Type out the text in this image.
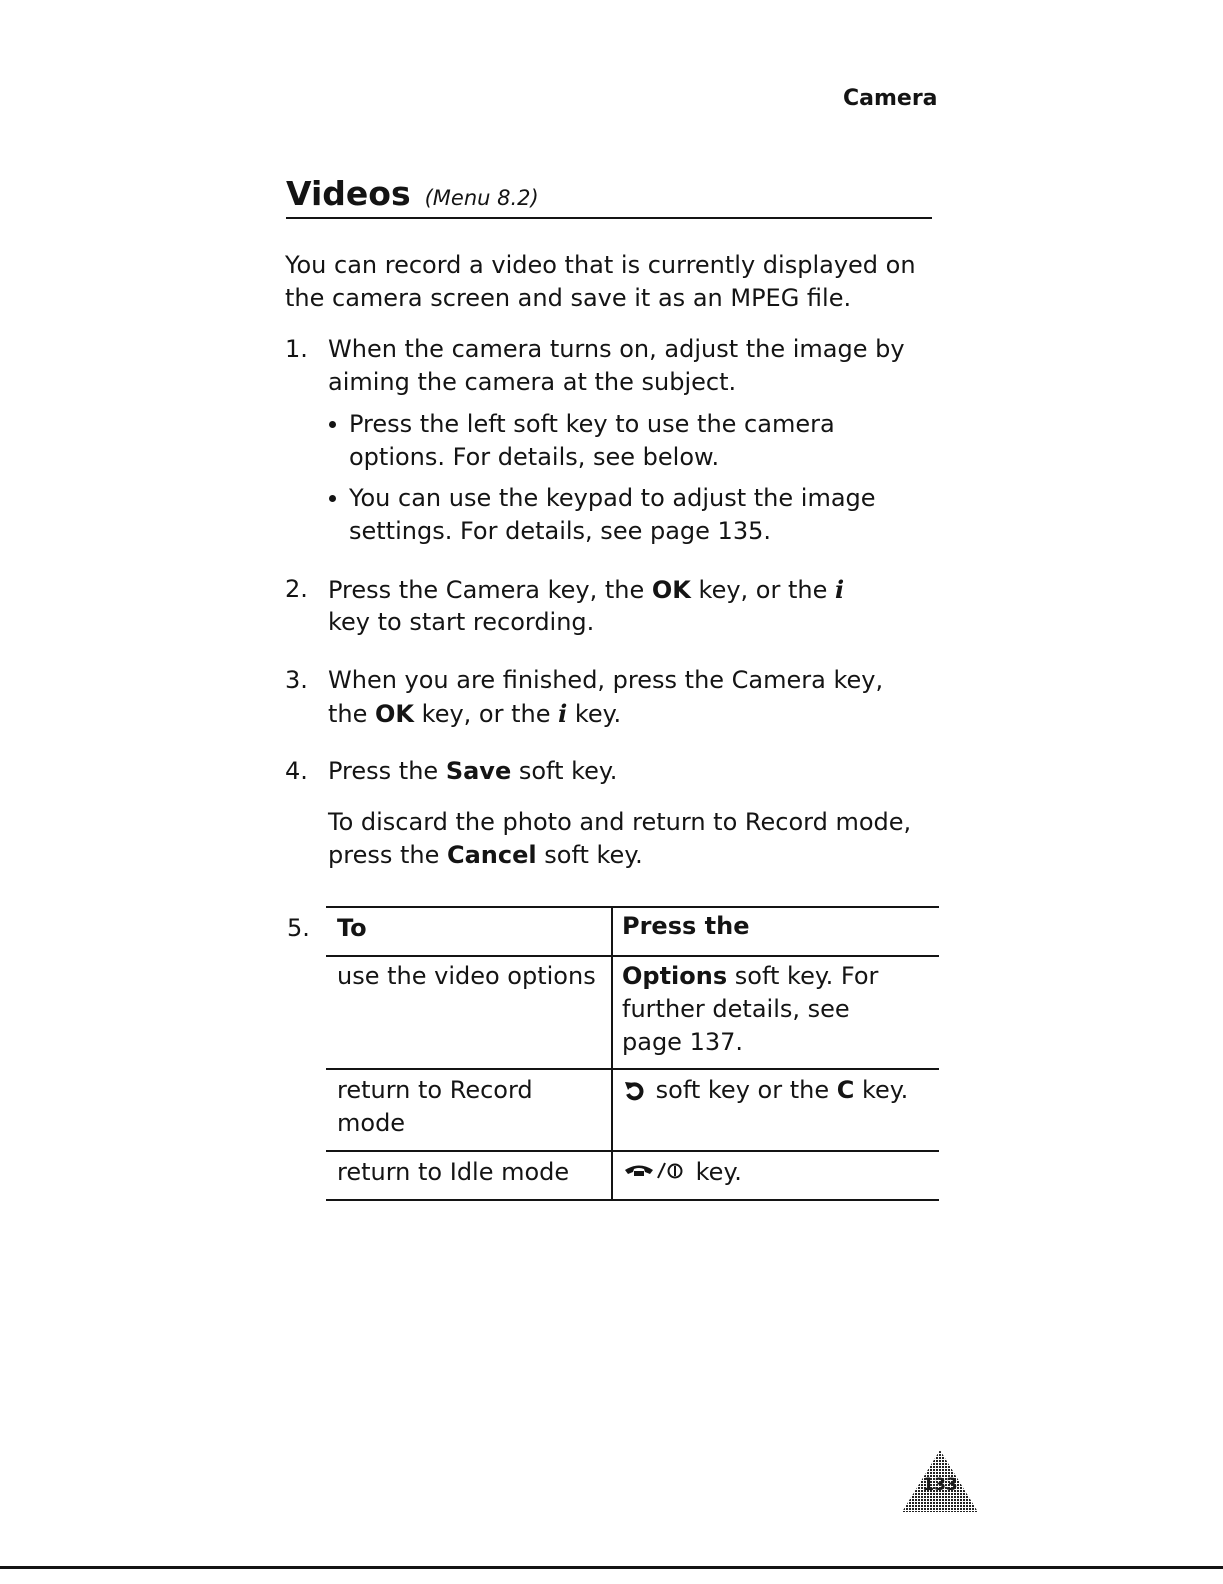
Camera
Videos (Menu 8.2)
You can record a video that is currently displayed on
the camera screen and save it as an MPEG file.
1. When the camera turns on, adjust the image by
aiming the camera at the subject.
Press the left soft key to use the camera
options. For details, see below.
You can use the keypad to adjust the image
settings. For details, see page 135.
2. Press the Camera key, the OK key, or the i
key to start recording.
3. When you are finished, press the Camera key,
the OK key, or the i key.
4. Press the Save soft key.
To discard the photo and return to Record mode,
press the Cancel soft key.
5. To	Press the
use the video options Options soft key. For
further details, see
page 137.
return to Record
mode
soft key or the C key.
return to Idle mode	key.
133
